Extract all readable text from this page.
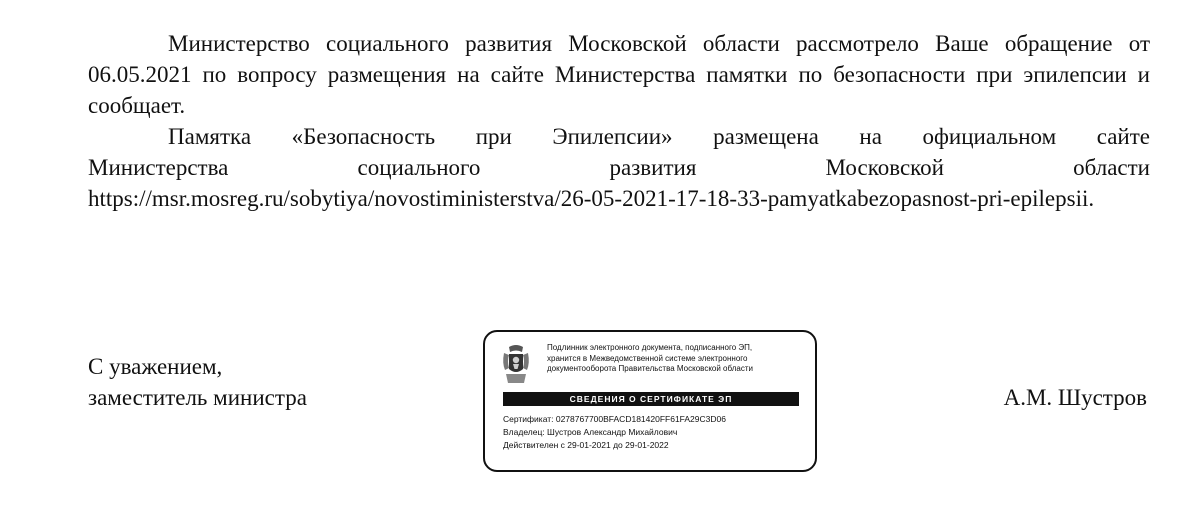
Министерство социального развития Московской области рассмотрело Ваше обращение от 06.05.2021 по вопросу размещения на сайте Министерства памятки по безопасности при эпилепсии и сообщает.

Памятка «Безопасность при Эпилепсии» размещена на официальном сайте
Министерства социального развития Московской области
https://msr.mosreg.ru/sobytiya/novostiministerstva/26-05-2021-17-18-33-pamyatkabezopasnost-pri-epilepsii.
С уважением,
заместитель министра
Подлинник электронного документа, подписанного ЭП,
хранится в Межведомственной системе электронного
документооборота Правительства Московской области
СВЕДЕНИЯ О СЕРТИФИКАТЕ ЭП
Сертификат: 0278767700BFACD181420FF61FA29C3D06
Владелец: Шустров Александр Михайлович
Действителен с 29-01-2021 до 29-01-2022
А.М. Шустров
